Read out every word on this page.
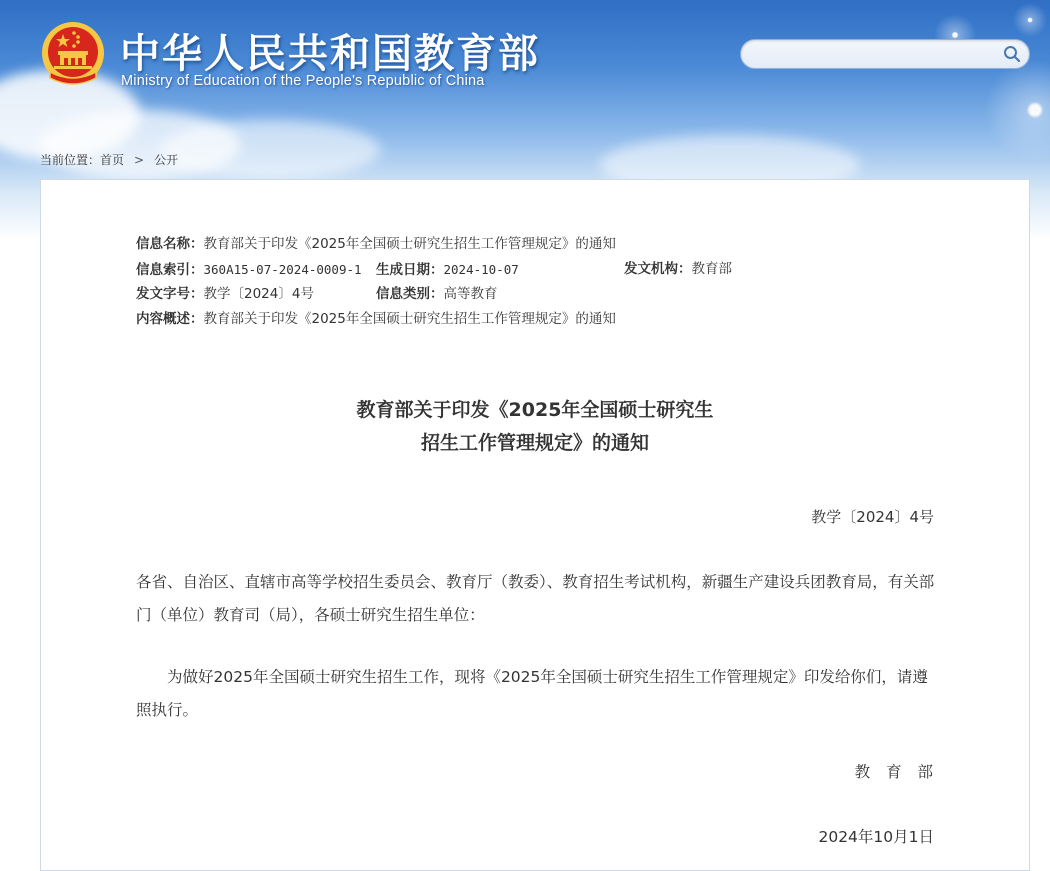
中华人民共和国教育部
Ministry of Education of the People's Republic of China
当前位置：首页 > 公开
信息名称：教育部关于印发《2025年全国硕士研究生招生工作管理规定》的通知
信息索引：360A15-07-2024-0009-1 生成日期：2024-10-07	发文机构：教育部
发文字号：教学〔2024〕4号	信息类别：高等教育
内容概述：教育部关于印发《2025年全国硕士研究生招生工作管理规定》的通知
教育部关于印发《2025年全国硕士研究生
招生工作管理规定》的通知
教学〔2024〕4号
各省、自治区、直辖市高等学校招生委员会、教育厅（教委）、教育招生考试机构，新疆生产建设兵团教育局，有关部门（单位）教育司（局），各硕士研究生招生单位：
为做好2025年全国硕士研究生招生工作，现将《2025年全国硕士研究生招生工作管理规定》印发给你们，请遵照执行。
教 育 部
2024年10月1日
